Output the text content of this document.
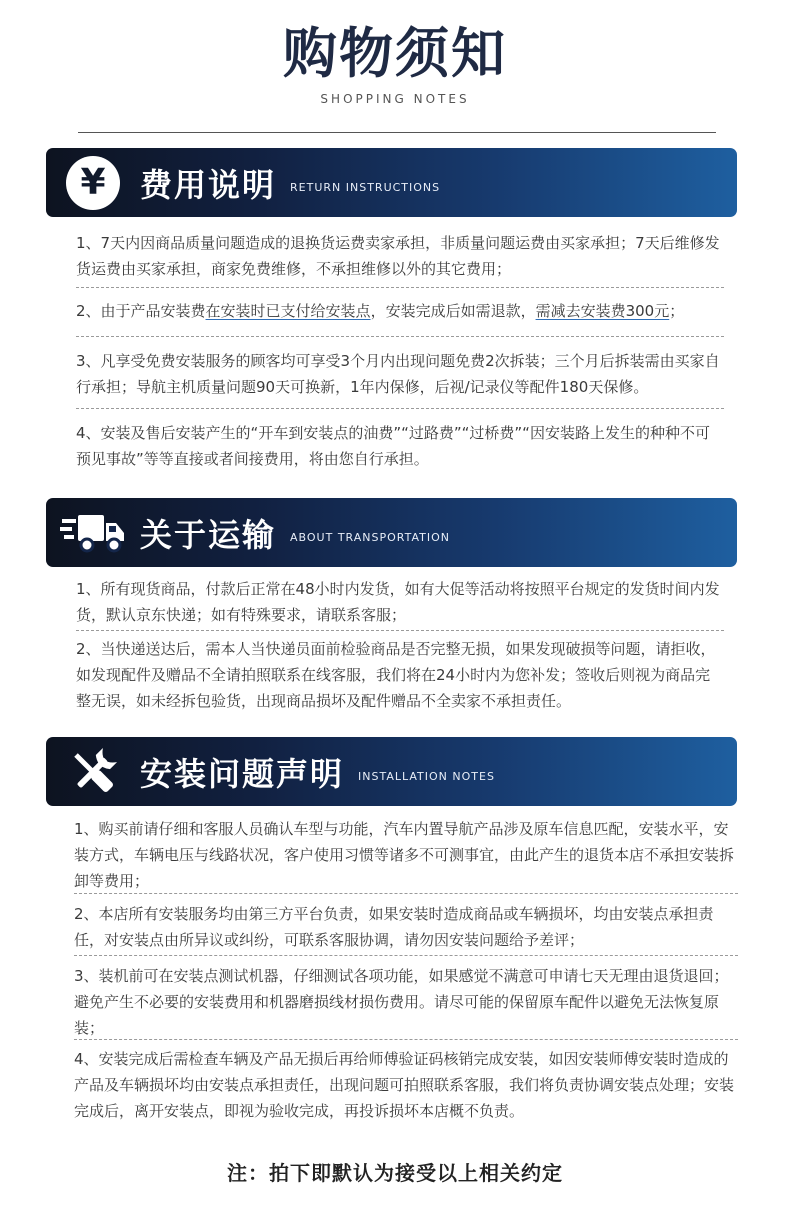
购物须知
SHOPPING NOTES
¥	费用说明 RETURN INSTRUCTIONS
1、7天内因商品质量问题造成的退换货运费卖家承担，非质量问题运费由买家承担；7天后维修发货运费由买家承担，商家免费维修，不承担维修以外的其它费用；
2、由于产品安装费在安装时已支付给安装点，安装完成后如需退款，需减去安装费300元；
3、凡享受免费安装服务的顾客均可享受3个月内出现问题免费2次拆装；三个月后拆装需由买家自行承担；导航主机质量问题90天可换新，1年内保修，后视/记录仪等配件180天保修。
4、安装及售后安装产生的“开车到安装点的油费”“过路费”“过桥费”“因安装路上发生的种种不可预见事故”等等直接或者间接费用，将由您自行承担。
关于运输 ABOUT TRANSPORTATION
1、所有现货商品，付款后正常在48小时内发货，如有大促等活动将按照平台规定的发货时间内发货，默认京东快递；如有特殊要求，请联系客服；
2、当快递送达后，需本人当快递员面前检验商品是否完整无损，如果发现破损等问题，请拒收，如发现配件及赠品不全请拍照联系在线客服，我们将在24小时内为您补发；签收后则视为商品完整无误，如未经拆包验货，出现商品损坏及配件赠品不全卖家不承担责任。
安装问题声明 INSTALLATION NOTES
1、购买前请仔细和客服人员确认车型与功能，汽车内置导航产品涉及原车信息匹配，安装水平，安装方式，车辆电压与线路状况，客户使用习惯等诸多不可测事宜，由此产生的退货本店不承担安装拆卸等费用；
2、本店所有安装服务均由第三方平台负责，如果安装时造成商品或车辆损坏，均由安装点承担责任，对安装点由所异议或纠纷，可联系客服协调，请勿因安装问题给予差评；
3、装机前可在安装点测试机器，仔细测试各项功能，如果感觉不满意可申请七天无理由退货退回；避免产生不必要的安装费用和机器磨损线材损伤费用。请尽可能的保留原车配件以避免无法恢复原装；
4、安装完成后需检查车辆及产品无损后再给师傅验证码核销完成安装，如因安装师傅安装时造成的产品及车辆损坏均由安装点承担责任，出现问题可拍照联系客服，我们将负责协调安装点处理；安装完成后，离开安装点，即视为验收完成，再投诉损坏本店概不负责。
注：拍下即默认为接受以上相关约定
